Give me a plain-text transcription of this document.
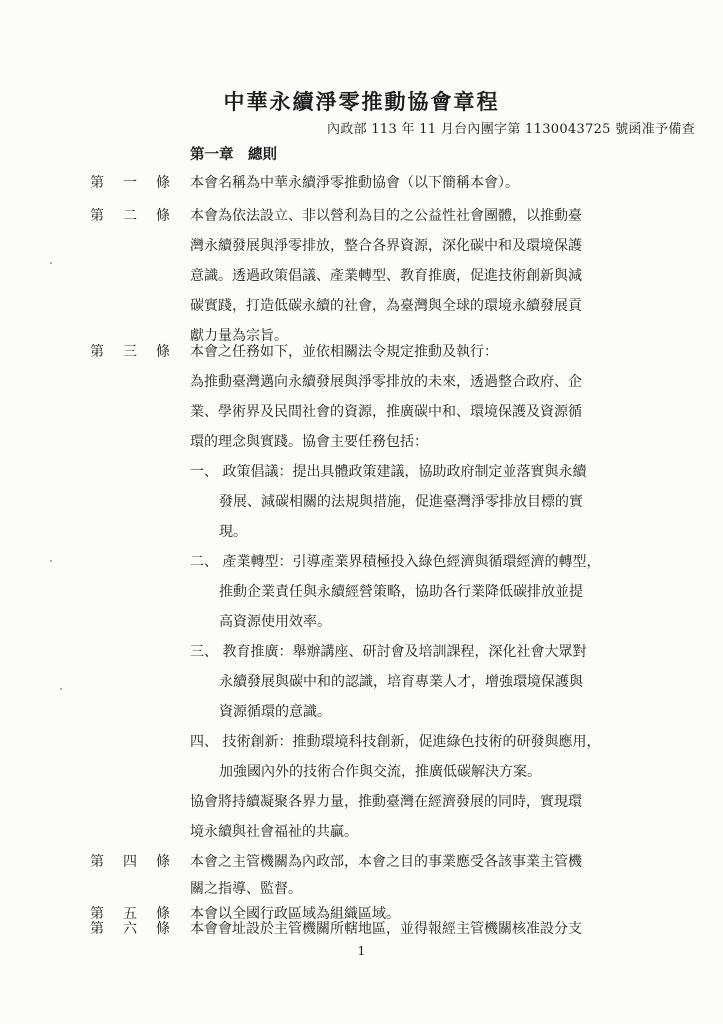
中華永續淨零推動協會章程
內政部 113 年 11 月台內團字第 1130043725 號函准予備查
第一章　總則
第 一 條 本會名稱為中華永續淨零推動協會（以下簡稱本會）。
第 二 條 本會為依法設立、非以營利為目的之公益性社會團體，以推動臺
灣永續發展與淨零排放，整合各界資源，深化碳中和及環境保護
意識。透過政策倡議、產業轉型、教育推廣，促進技術創新與減
碳實踐，打造低碳永續的社會，為臺灣與全球的環境永續發展貢
獻力量為宗旨。
第 三 條 本會之任務如下，並依相關法令規定推動及執行：
為推動臺灣邁向永續發展與淨零排放的未來，透過整合政府、企
業、學術界及民間社會的資源，推廣碳中和、環境保護及資源循
環的理念與實踐。協會主要任務包括：
一、 政策倡議：提出具體政策建議，協助政府制定並落實與永續
發展、減碳相關的法規與措施，促進臺灣淨零排放目標的實
現。
二、 產業轉型：引導產業界積極投入綠色經濟與循環經濟的轉型，
推動企業責任與永續經營策略，協助各行業降低碳排放並提
高資源使用效率。
三、 教育推廣：舉辦講座、研討會及培訓課程，深化社會大眾對
永續發展與碳中和的認識，培育專業人才，增強環境保護與
資源循環的意識。
四、 技術創新：推動環境科技創新，促進綠色技術的研發與應用，
加強國內外的技術合作與交流，推廣低碳解決方案。
協會將持續凝聚各界力量，推動臺灣在經濟發展的同時，實現環
境永續與社會福祉的共贏。
第 四 條 本會之主管機關為內政部，本會之目的事業應受各該事業主管機
關之指導、監督。
第 五 條 本會以全國行政區域為組織區域。
1
第 六 條 本會會址設於主管機關所轄地區，並得報經主管機關核准設分支
